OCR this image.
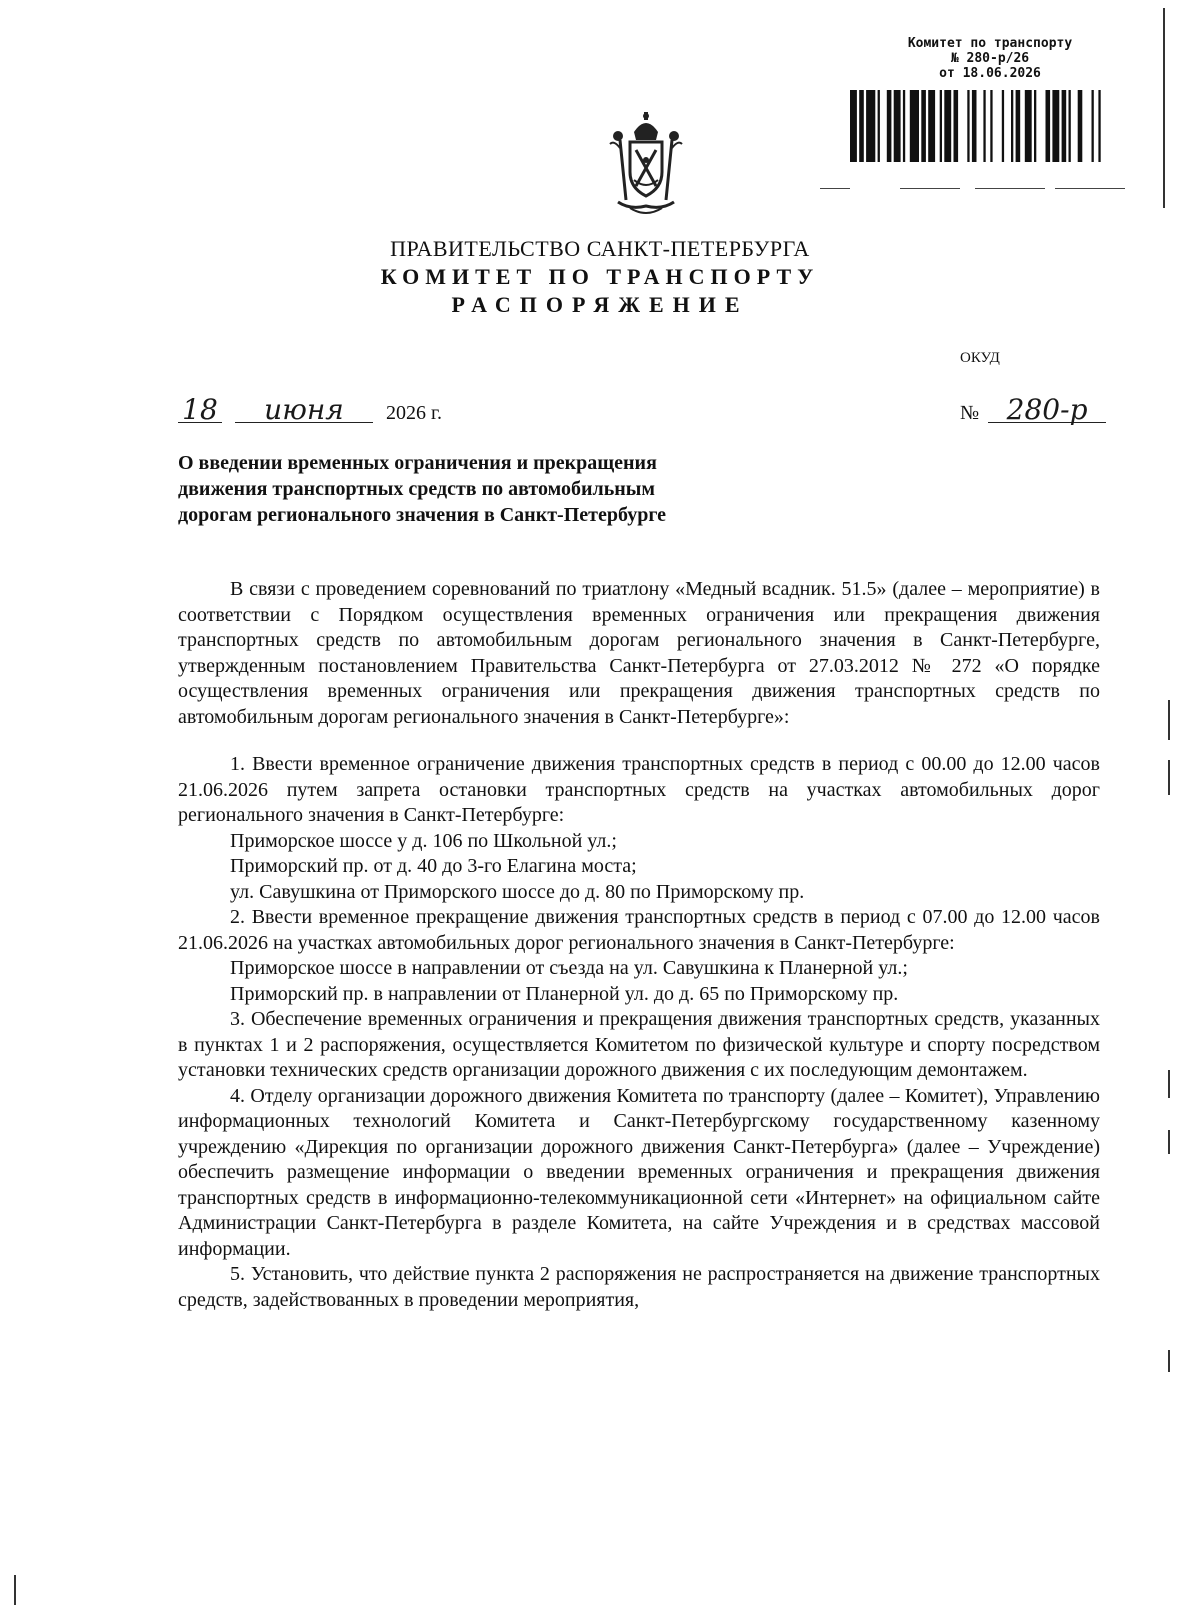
Комитет по транспорту
№ 280-р/26
от 18.06.2026
ПРАВИТЕЛЬСТВО САНКТ-ПЕТЕРБУРГА
КОМИТЕТ ПО ТРАНСПОРТУ
РАСПОРЯЖЕНИЕ
ОКУД
18 июня 2026 г.	№ 280-р
О введении временных ограничения и прекращения движения транспортных средств по автомобильным дорогам регионального значения в Санкт-Петербурге

В связи с проведением соревнований по триатлону «Медный всадник. 51.5» (далее – мероприятие) в соответствии с Порядком осуществления временных ограничения или прекращения движения транспортных средств по автомобильным дорогам регионального значения в Санкт-Петербурге, утвержденным постановлением Правительства Санкт-Петербурга от 27.03.2012 № 272 «О порядке осуществления временных ограничения или прекращения движения транспортных средств по автомобильным дорогам регионального значения в Санкт-Петербурге»:

1. Ввести временное ограничение движения транспортных средств в период с 00.00 до 12.00 часов 21.06.2026 путем запрета остановки транспортных средств на участках автомобильных дорог регионального значения в Санкт-Петербурге:

Приморское шоссе у д. 106 по Школьной ул.;

Приморский пр. от д. 40 до 3-го Елагина моста;

ул. Савушкина от Приморского шоссе до д. 80 по Приморскому пр.

2. Ввести временное прекращение движения транспортных средств в период с 07.00 до 12.00 часов 21.06.2026 на участках автомобильных дорог регионального значения в Санкт-Петербурге:

Приморское шоссе в направлении от съезда на ул. Савушкина к Планерной ул.;

Приморский пр. в направлении от Планерной ул. до д. 65 по Приморскому пр.

3. Обеспечение временных ограничения и прекращения движения транспортных средств, указанных в пунктах 1 и 2 распоряжения, осуществляется Комитетом по физической культуре и спорту посредством установки технических средств организации дорожного движения с их последующим демонтажем.

4. Отделу организации дорожного движения Комитета по транспорту (далее – Комитет), Управлению информационных технологий Комитета и Санкт-Петербургскому государственному казенному учреждению «Дирекция по организации дорожного движения Санкт-Петербурга» (далее – Учреждение) обеспечить размещение информации о введении временных ограничения и прекращения движения транспортных средств в информационно-телекоммуникационной сети «Интернет» на официальном сайте Администрации Санкт-Петербурга в разделе Комитета, на сайте Учреждения и в средствах массовой информации.

5. Установить, что действие пункта 2 распоряжения не распространяется на движение транспортных средств, задействованных в проведении мероприятия,
